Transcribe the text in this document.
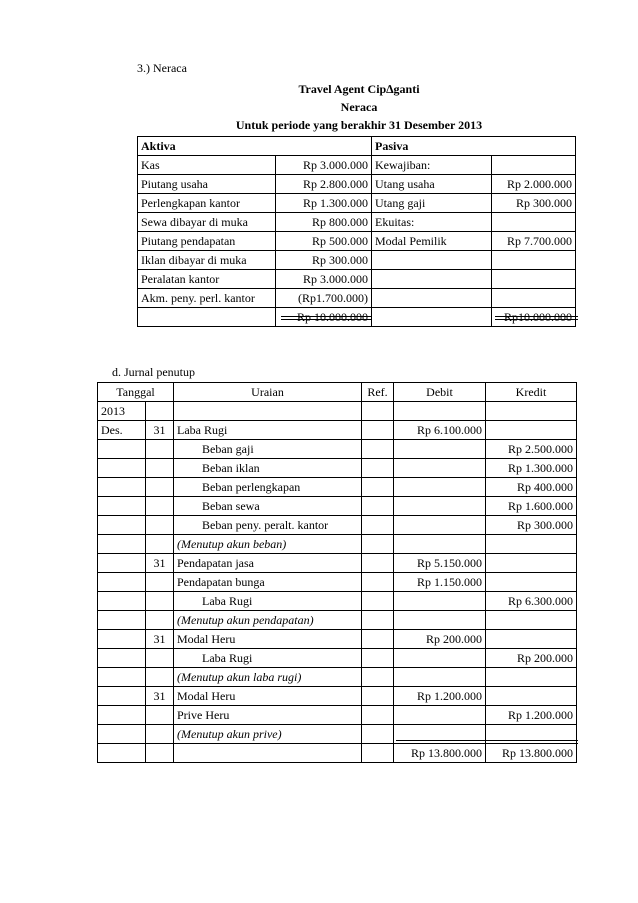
3.) Neraca
Travel Agent Cip∆ganti
Neraca
Untuk periode yang berakhir 31 Desember 2013
Aktiva		Pasiva	
Kas	Rp 3.000.000	Kewajiban:	
Piutang usaha	Rp 2.800.000	Utang usaha	Rp 2.000.000
Perlengkapan kantor	Rp 1.300.000	Utang gaji	Rp 300.000
Sewa dibayar di muka	Rp 800.000	Ekuitas:	
Piutang pendapatan	Rp 500.000	Modal Pemilik	Rp 7.700.000
Iklan dibayar di muka	Rp 300.000		
Peralatan kantor	Rp 3.000.000		
Akm. peny. perl. kantor	(Rp1.700.000)		
	Rp 10.000.000		Rp10.000.000
d. Jurnal penutup
Tanggal		Uraian	Ref.	Debit	Kredit
2013					
Des.	31	Laba Rugi		Rp 6.100.000	
		Beban gaji			Rp 2.500.000
		Beban iklan			Rp 1.300.000
		Beban perlengkapan			Rp 400.000
		Beban sewa			Rp 1.600.000
		Beban peny. peralt. kantor			Rp 300.000
		(Menutup akun beban)			
	31	Pendapatan jasa		Rp 5.150.000	
		Pendapatan bunga		Rp 1.150.000	
		Laba Rugi			Rp 6.300.000
		(Menutup akun pendapatan)			
	31	Modal Heru		Rp 200.000	
		Laba Rugi			Rp 200.000
		(Menutup akun laba rugi)			
	31	Modal Heru		Rp 1.200.000	
		Prive Heru			Rp 1.200.000
		(Menutup akun prive)			
				Rp 13.800.000	Rp 13.800.000
